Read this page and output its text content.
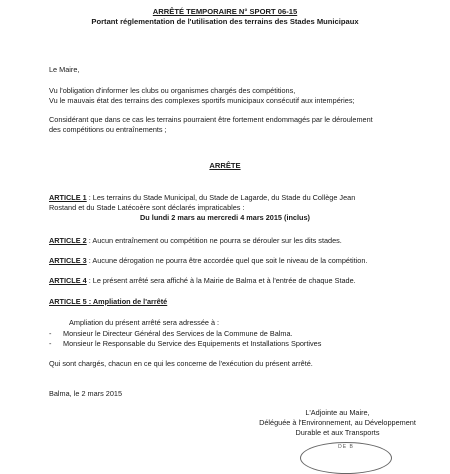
ARRÊTÉ TEMPORAIRE N° SPORT 06-15
Portant réglementation de l'utilisation des terrains des Stades Municipaux
Le Maire,
Vu l'obligation d'informer les clubs ou organismes chargés des compétitions,
Vu le mauvais état des terrains des complexes sportifs municipaux consécutif aux intempéries;
Considérant que dans ce cas les terrains pourraient être fortement endommagés par le déroulement
des compétitions ou entraînements ;
ARRÊTE
ARTICLE 1 : Les terrains du Stade Municipal, du Stade de Lagarde, du Stade du Collège Jean
Rostand et du Stade Latécoère sont déclarés impraticables :
Du lundi 2 mars au mercredi 4 mars 2015 (inclus)
ARTICLE 2 : Aucun entraînement ou compétition ne pourra se dérouler sur les dits stades.
ARTICLE 3 : Aucune dérogation ne pourra être accordée quel que soit le niveau de la compétition.
ARTICLE 4 : Le présent arrêté sera affiché à la Mairie de Balma et à l'entrée de chaque Stade.
ARTICLE 5 : Ampliation de l'arrêté
Ampliation du présent arrêté sera adressée à :
- Monsieur le Directeur Général des Services de la Commune de Balma.
- Monsieur le Responsable du Service des Equipements et Installations Sportives
Qui sont chargés, chacun en ce qui les concerne de l'exécution du présent arrêté.
Balma, le 2 mars 2015
L'Adjointe au Maire,
Déléguée à l'Environnement, au Développement
Durable et aux Transports
DE B
